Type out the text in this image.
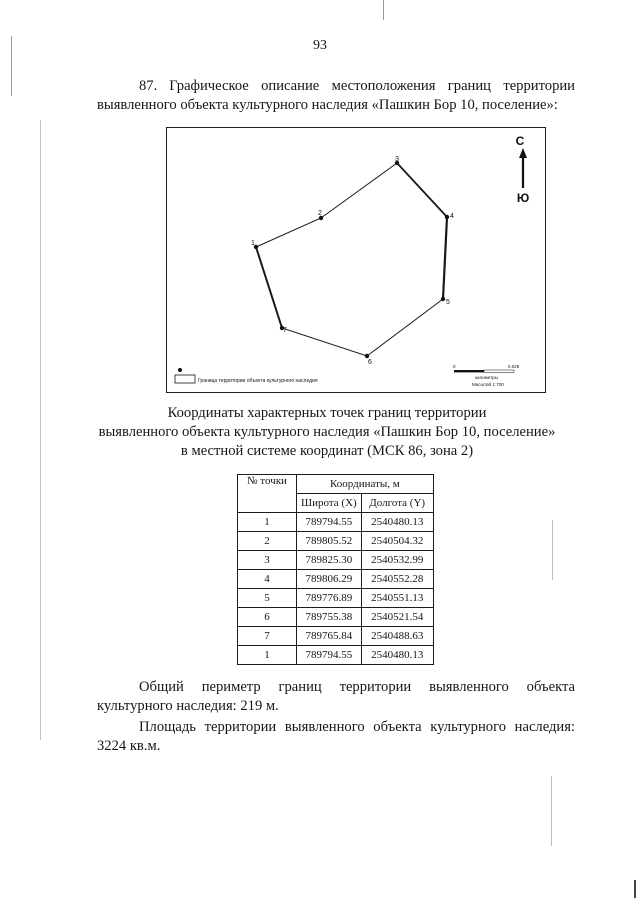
93
87. Графическое описание местоположения границ территории выявленного объекта культурного наследия «Пашкин Бор 10, поселение»:
1
2
3
4
5
6
7
С
Ю
Граница территории объекта культурного наследия
0	0.025
километры
Масштаб 1:700
Координаты характерных точек границ территории
выявленного объекта культурного наследия «Пашкин Бор 10, поселение»
в местной системе координат (МСК 86, зона 2)
№ точки	Координаты, м	
	Широта (X)	Долгота (Y)
1	789794.55	2540480.13
2	789805.52	2540504.32
3	789825.30	2540532.99
4	789806.29	2540552.28
5	789776.89	2540551.13
6	789755.38	2540521.54
7	789765.84	2540488.63
1	789794.55	2540480.13
Общий периметр границ территории выявленного объекта культурного наследия: 219 м.
Площадь территории выявленного объекта культурного наследия: 3224 кв.м.
